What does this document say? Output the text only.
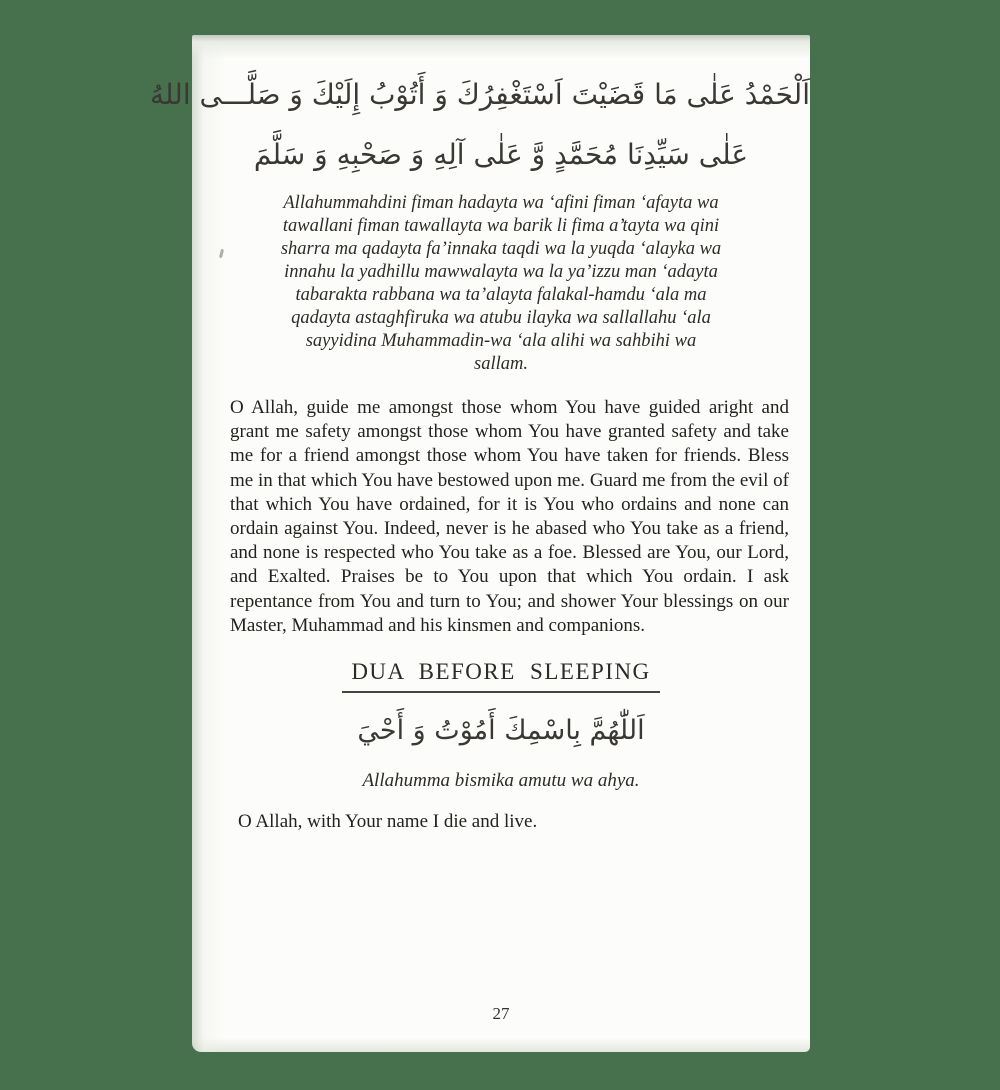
اَلْحَمْدُ عَلٰى مَا قَضَيْتَ اَسْتَغْفِرُكَ وَ أَتُوْبُ إِلَيْكَ وَ صَلَّـــى اللهُ
عَلٰى سَيِّدِنَا مُحَمَّدٍ وَّ عَلٰى آلِهِ وَ صَحْبِهِ وَ سَلَّمَ
Allahummahdini fiman hadayta wa ‘afini fiman ‘afayta wa
tawallani fiman tawallayta wa barik li fima a’tayta wa qini
sharra ma qadayta fa’innaka taqdi wa la yuqda ‘alayka wa
innahu la yadhillu mawwalayta wa la ya’izzu man ‘adayta
tabarakta rabbana wa ta’alayta falakal-hamdu ‘ala ma
qadayta astaghfiruka wa atubu ilayka wa sallallahu ‘ala
sayyidina Muhammadin-wa ‘ala alihi wa sahbihi wa
sallam.

O Allah, guide me amongst those whom You have guided aright and grant me safety amongst those whom You have granted safety and take me for a friend amongst those whom You have taken for friends. Bless me in that which You have bestowed upon me. Guard me from the evil of that which You have ordained, for it is You who ordains and none can ordain against You. Indeed, never is he abased who You take as a friend, and none is respected who You take as a foe. Blessed are You, our Lord, and Exalted. Praises be to You upon that which You ordain. I ask repentance from You and turn to You; and shower Your blessings on our Master, Muhammad and his kinsmen and companions.

DUA BEFORE SLEEPING
اَللّٰهُمَّ بِاسْمِكَ أَمُوْتُ وَ أَحْيَ
Allahumma bismika amutu wa ahya.

O Allah, with Your name I die and live.

27
